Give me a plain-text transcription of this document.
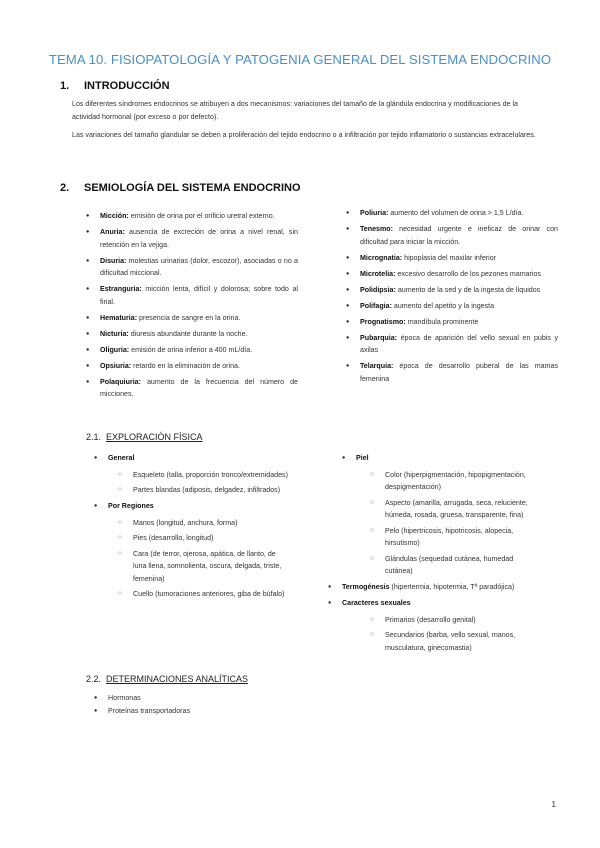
TEMA 10. FISIOPATOLOGÍA Y PATOGENIA GENERAL DEL SISTEMA ENDOCRINO
1. INTRODUCCIÓN

Los diferentes síndromes endocrinos se atribuyen a dos mecanismos: variaciones del tamaño de la glándula endocrina y modificaciones de la actividad hormonal (por exceso o por defecto).

Las variaciones del tamaño glandular se deben a proliferación del tejido endocrino o a infiltración por tejido inflamatorio o sustancias extracelulares.

2. SEMIOLOGÍA DEL SISTEMA ENDOCRINO
● Micción: emisión de orina por el orificio uretral externo.
● Anuria: ausencia de excreción de orina a nivel renal, sin retención en la vejiga.
● Disuria: molestias urinarias (dolor, escozor), asociadas o no a dificultad miccional.
● Estranguria: micción lenta, difícil y dolorosa; sobre todo al final.
● Hematuria: presencia de sangre en la orina.
● Nicturia: diuresis abundante durante la noche.
● Oliguria: emisión de orina inferior a 400 mL/día.
● Opsiuria: retardo en la eliminación de orina.
● Polaquiuria: aumento de la frecuencia del número de micciones.
● Poliuria: aumento del volumen de orina > 1,5 L/día.
● Tenesmo: necesidad urgente e ineficaz de orinar con dificultad para iniciar la micción.
● Micrognatia: hipoplasia del maxilar inferior
● Microtelia: excesivo desarrollo de los pezones mamarios
● Polidipsia: aumento de la sed y de la ingesta de líquidos
● Polifagia: aumento del apetito y la ingesta
● Prognatismo: mandíbula prominente
● Pubarquia: época de aparición del vello sexual en pubis y axilas
● Telarquia: época de desarrollo puberal de las mamas femenina
2.1. EXPLORACIÓN FÍSICA
● General
○ Esqueleto (talla, proporción tronco/extremidades)
○ Partes blandas (adiposis, delgadez, infiltrados)
● Por Regiones
○ Manos (longitud, anchura, forma)
○ Pies (desarrollo, longitud)
○ Cara (de terror, ojerosa, apática, de llanto, de luna llena, somnolienta, oscura, delgada, triste, femenina)
○ Cuello (tumoraciones anteriores, giba de búfalo)
● Piel
○ Color (hiperpigmentación, hipopigmentación, despigmentación)
○ Aspecto (amarilla, arrugada, seca, reluciente, húmeda, rosada, gruesa, transparente, fina)
○ Pelo (hipertricosis, hipotricosis, alopecia, hirsutismo)
○ Glándulas (sequedad cutánea, humedad cutánea)
● Termogénesis (hipertermia, hipotermia, Tª paradójica)
● Caracteres sexuales
○ Primarios (desarrollo genital)
○ Secundarios (barba, vello sexual, manos, musculatura, ginecomastia)
2.2. DETERMINACIONES ANALÍTICAS
● Hormonas
● Proteínas transportadoras
1
